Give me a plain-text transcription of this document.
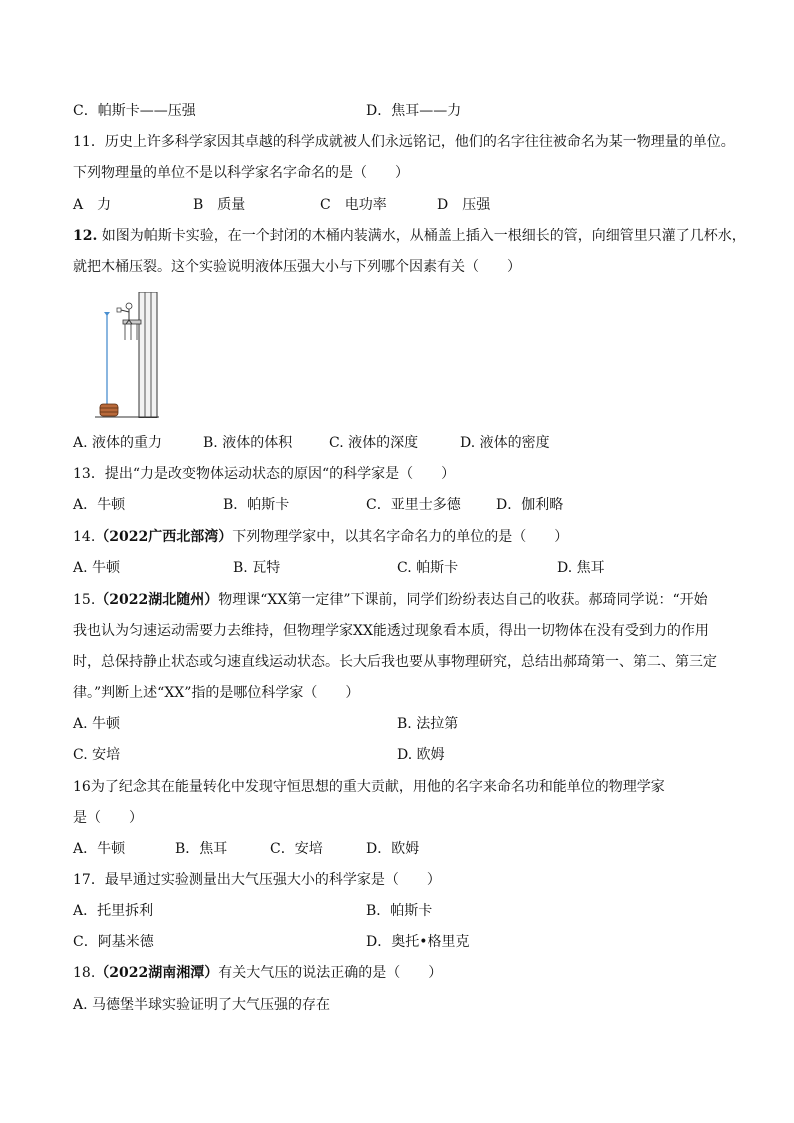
C．帕斯卡——压强	D．焦耳——力
11．历史上许多科学家因其卓越的科学成就被人们永远铭记，他们的名字往往被命名为某一物理量的单位。
下列物理量的单位不是以科学家名字命名的是（　　）
A　力	B　质量	C　电功率	D　压强
12. 如图为帕斯卡实验，在一个封闭的木桶内装满水，从桶盖上插入一根细长的管，向细管里只灌了几杯水，
就把木桶压裂。这个实验说明液体压强大小与下列哪个因素有关（　　）
A. 液体的重力	B. 液体的体积	C. 液体的深度	D. 液体的密度
13．提出“力是改变物体运动状态的原因“的科学家是（　　）
A．牛顿	B．帕斯卡	C．亚里士多德	D．伽利略
14.（2022广西北部湾）下列物理学家中，以其名字命名力的单位的是（　　）
A. 牛顿	B. 瓦特	C. 帕斯卡	D. 焦耳
15.（2022湖北随州）物理课“XX第一定律”下课前，同学们纷纷表达自己的收获。郝琦同学说：“开始
我也认为匀速运动需要力去维持，但物理学家XX能透过现象看本质，得出一切物体在没有受到力的作用
时，总保持静止状态或匀速直线运动状态。长大后我也要从事物理研究，总结出郝琦第一、第二、第三定
律。”判断上述“XX”指的是哪位科学家（　　）
A. 牛顿	B. 法拉第
C. 安培	D. 欧姆
16为了纪念其在能量转化中发现守恒思想的重大贡献，用他的名字来命名功和能单位的物理学家
是（　　）
A．牛顿	B．焦耳	C．安培	D．欧姆
17．最早通过实验测量出大气压强大小的科学家是（　　）
A．托里拆利	B．帕斯卡
C．阿基米德	D．奥托•格里克
18.（2022湖南湘潭）有关大气压的说法正确的是（　　）
A. 马德堡半球实验证明了大气压强的存在
